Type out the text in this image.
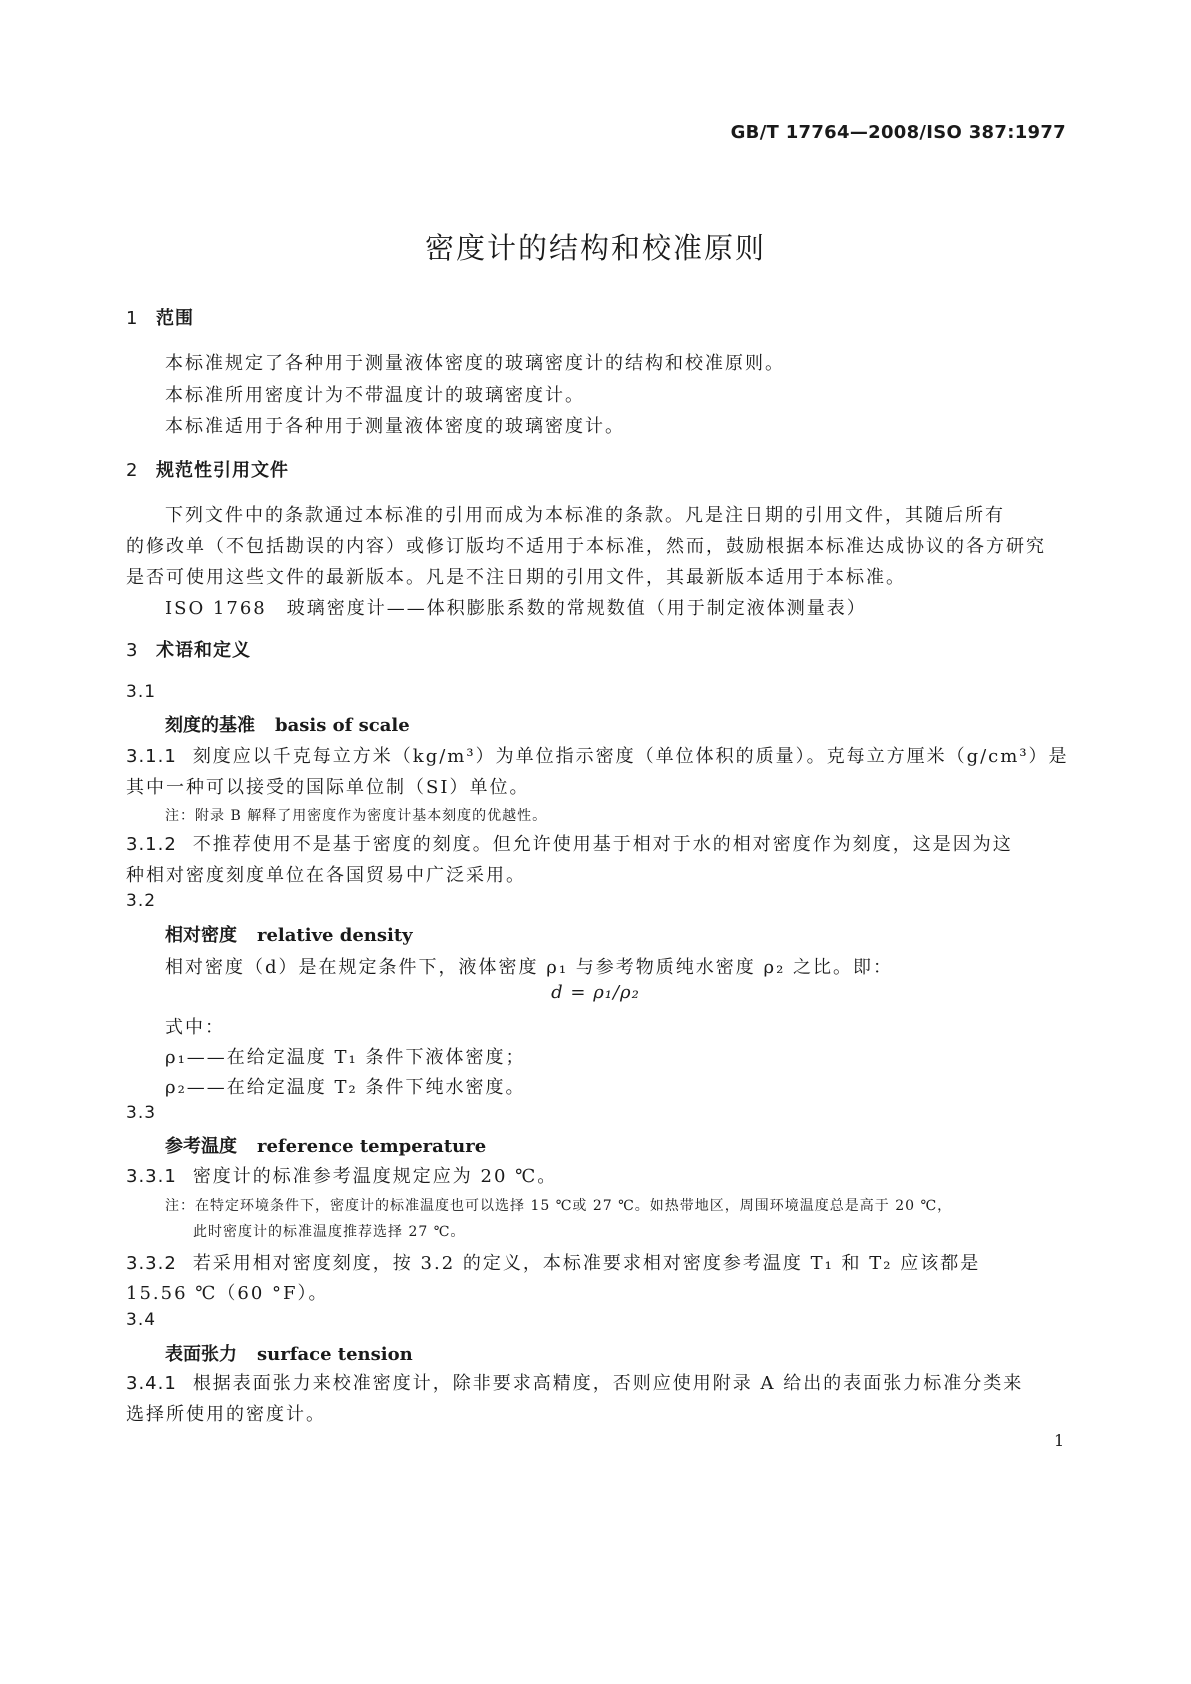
GB/T 17764—2008/ISO 387:1977
密度计的结构和校准原则
1 范围
本标准规定了各种用于测量液体密度的玻璃密度计的结构和校准原则。
本标准所用密度计为不带温度计的玻璃密度计。
本标准适用于各种用于测量液体密度的玻璃密度计。
2 规范性引用文件
下列文件中的条款通过本标准的引用而成为本标准的条款。凡是注日期的引用文件，其随后所有
的修改单（不包括勘误的内容）或修订版均不适用于本标准，然而，鼓励根据本标准达成协议的各方研究
是否可使用这些文件的最新版本。凡是不注日期的引用文件，其最新版本适用于本标准。
ISO 1768　玻璃密度计——体积膨胀系数的常规数值（用于制定液体测量表）
3 术语和定义
3.1
刻度的基准 basis of scale
3.1.1 刻度应以千克每立方米（kg/m³）为单位指示密度（单位体积的质量）。克每立方厘米（g/cm³）是
其中一种可以接受的国际单位制（SI）单位。
注：附录 B 解释了用密度作为密度计基本刻度的优越性。
3.1.2 不推荐使用不是基于密度的刻度。但允许使用基于相对于水的相对密度作为刻度，这是因为这
种相对密度刻度单位在各国贸易中广泛采用。
3.2
相对密度 relative density
相对密度（d）是在规定条件下，液体密度 ρ₁ 与参考物质纯水密度 ρ₂ 之比。即：
d = ρ₁/ρ₂
式中：
ρ₁——在给定温度 T₁ 条件下液体密度；
ρ₂——在给定温度 T₂ 条件下纯水密度。
3.3
参考温度 reference temperature
3.3.1 密度计的标准参考温度规定应为 20 ℃。
注：在特定环境条件下，密度计的标准温度也可以选择 15 ℃或 27 ℃。如热带地区，周围环境温度总是高于 20 ℃，
此时密度计的标准温度推荐选择 27 ℃。
3.3.2 若采用相对密度刻度，按 3.2 的定义，本标准要求相对密度参考温度 T₁ 和 T₂ 应该都是
15.56 ℃（60 °F）。
3.4
表面张力 surface tension
3.4.1 根据表面张力来校准密度计，除非要求高精度，否则应使用附录 A 给出的表面张力标准分类来
选择所使用的密度计。
1
